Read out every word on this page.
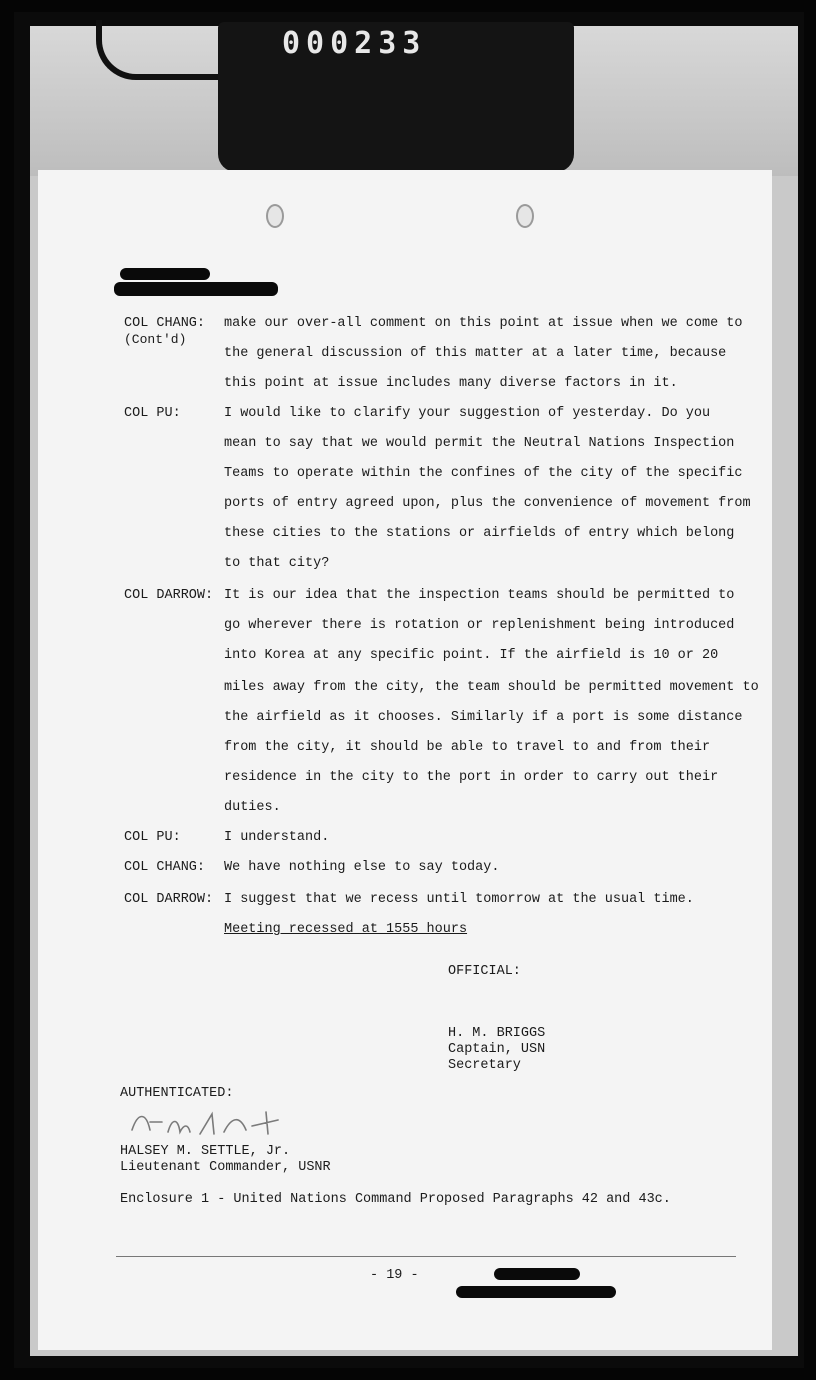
000233
COL CHANG:
(Cont'd)
COL PU:
COL DARROW:
COL PU:
COL CHANG:
COL DARROW:
make our over-all comment on this point at issue when we come to
the general discussion of this matter at a later time, because
this point at issue includes many diverse factors in it.
I would like to clarify your suggestion of yesterday. Do you
mean to say that we would permit the Neutral Nations Inspection
Teams to operate within the confines of the city of the specific
ports of entry agreed upon, plus the convenience of movement from
these cities to the stations or airfields of entry which belong
to that city?
It is our idea that the inspection teams should be permitted to
go wherever there is rotation or replenishment being introduced
into Korea at any specific point. If the airfield is 10 or 20
miles away from the city, the team should be permitted movement to
the airfield as it chooses. Similarly if a port is some distance
from the city, it should be able to travel to and from their
residence in the city to the port in order to carry out their
duties.
I understand.
We have nothing else to say today.
I suggest that we recess until tomorrow at the usual time.
Meeting recessed at 1555 hours
OFFICIAL:
H. M. BRIGGS
Captain, USN
Secretary
AUTHENTICATED:
HALSEY M. SETTLE, Jr.
Lieutenant Commander, USNR
Enclosure 1 - United Nations Command Proposed Paragraphs 42 and 43c.
- 19 -
